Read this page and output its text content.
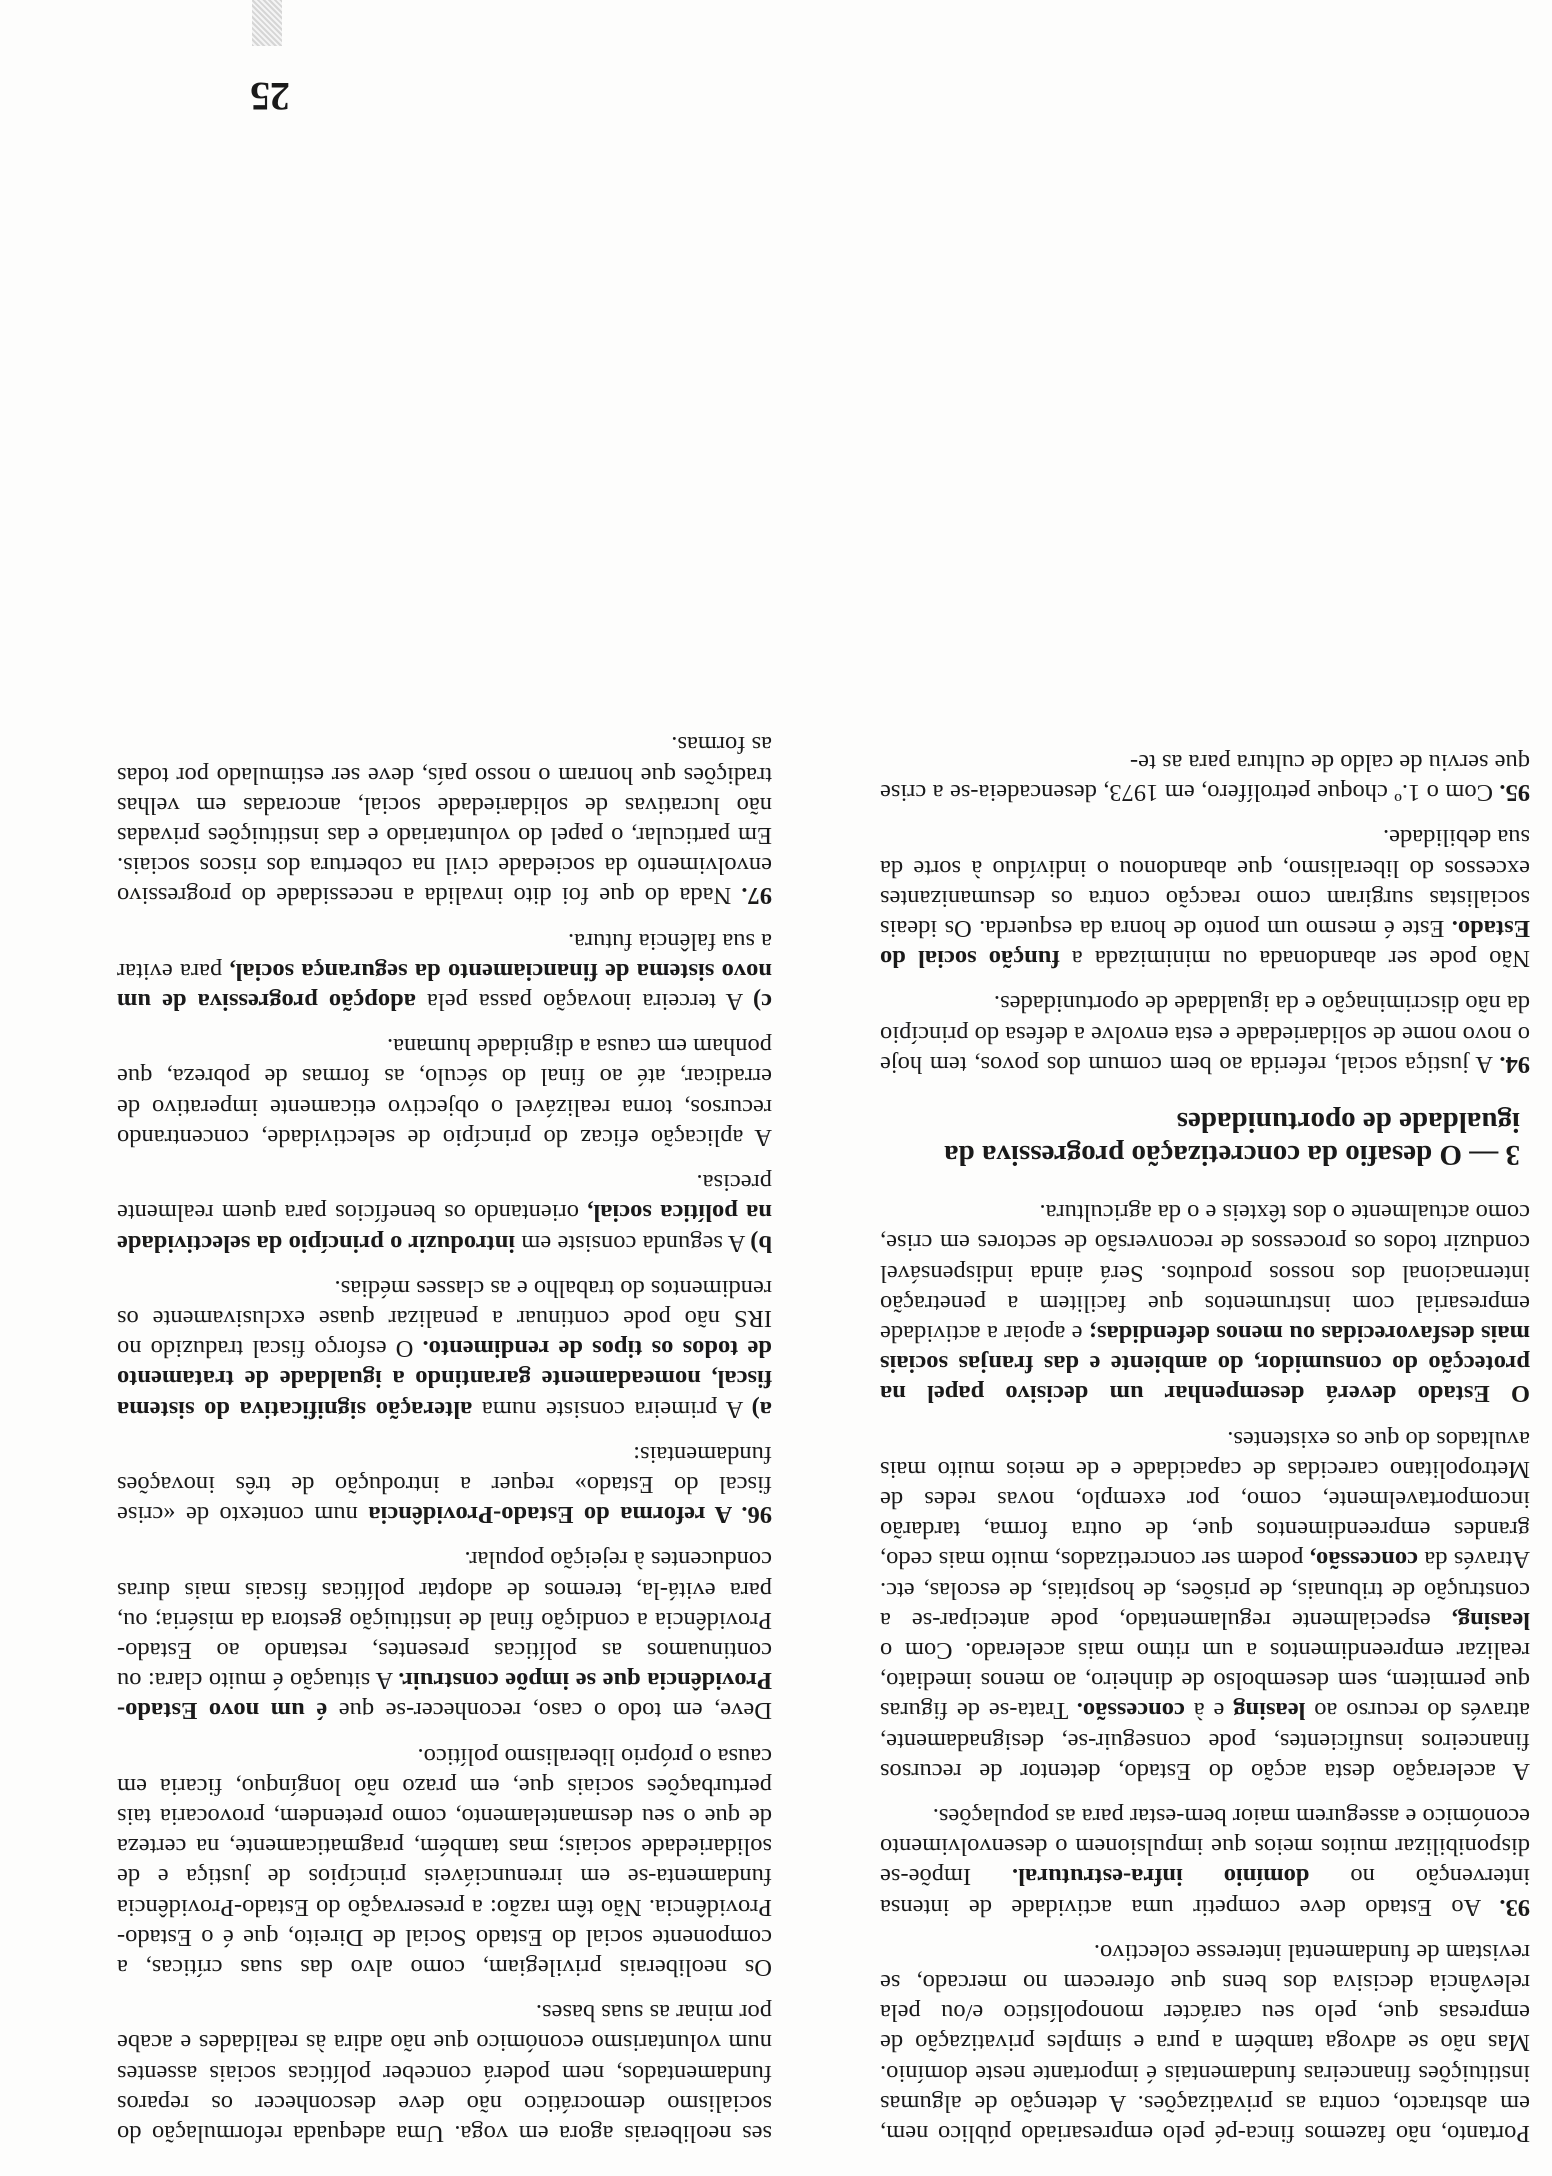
Portanto, não fazemos finca-pé pelo empresariado público nem, em abstracto, contra as privatizações. A detenção de algumas instituições financeiras fundamentais é importante neste domínio. Mas não se advoga também a pura e simples privatização de empresas que, pelo seu carácter monopolístico e/ou pela relevância decisiva dos bens que oferecem no mercado, se revistam de fundamental interesse colectivo.

93. Ao Estado deve competir uma actividade de intensa intervenção no domínio infra-estrutural. Impõe-se disponibilizar muitos meios que impulsionem o desenvolvimento económico e assegurem maior bem-estar para as populações.

A aceleração desta acção do Estado, detentor de recursos financeiros insuficientes, pode conseguir-se, designadamente, através do recurso ao leasing e à concessão. Trata-se de figuras que permitem, sem desembolso de dinheiro, ao menos imediato, realizar empreendimentos a um ritmo mais acelerado. Com o leasing, especialmente regulamentado, pode antecipar-se a construção de tribunais, de prisões, de hospitais, de escolas, etc. Através da concessão, podem ser concretizados, muito mais cedo, grandes empreendimentos que, de outra forma, tardarão incomportavelmente, como, por exemplo, novas redes de Metropolitano carecidas de capacidade e de meios muito mais avultados do que os existentes.

O Estado deverá desempenhar um decisivo papel na protecção do consumidor, do ambiente e das franjas sociais mais desfavorecidas ou menos defendidas; e apoiar a actividade empresarial com instrumentos que facilitem a penetração internacional dos nossos produtos. Será ainda indispensável conduzir todos os processos de reconversão de sectores em crise, como actualmente o dos têxteis e o da agricultura.

3 — O desafio da concretização progressiva da igualdade de oportunidades

94. A justiça social, referida ao bem comum dos povos, tem hoje o novo nome de solidariedade e esta envolve a defesa do princípio da não discriminação e da igualdade de oportunidades.

Não pode ser abandonada ou minimizada a função social do Estado. Este é mesmo um ponto de honra da esquerda. Os ideais socialistas surgiram como reacção contra os desumanizantes excessos do liberalismo, que abandonou o indivíduo à sorte da sua debilidade.

95. Com o 1.º choque petrolífero, em 1973, desencadeia-se a crise que serviu de caldo de cultura para as te-

ses neoliberais agora em voga. Uma adequada reformulação do socialismo democrático não deve desconhecer os reparos fundamentados, nem poderá conceber políticas sociais assentes num voluntarismo económico que não adira às realidades e acabe por minar as suas bases.

Os neoliberais privilegiam, como alvo das suas críticas, a componente social do Estado Social de Direito, que é o Estado-Providência. Não têm razão: a preservação do Estado-Providência fundamenta-se em irrenunciáveis princípios de justiça e de solidariedade sociais; mas também, pragmaticamente, na certeza de que o seu desmantelamento, como pretendem, provocaria tais perturbações sociais que, em prazo não longínquo, ficaria em causa o próprio liberalismo político.

Deve, em todo o caso, reconhecer-se que é um novo Estado-Providência que se impõe construir. A situação é muito clara: ou continuamos as políticas presentes, restando ao Estado-Providência a condição final de instituição gestora da miséria; ou, para evitá-la, teremos de adoptar políticas fiscais mais duras conducentes à rejeição popular.

96. A reforma do Estado-Providência num contexto de «crise fiscal do Estado» requer a introdução de três inovações fundamentais:

a) A primeira consiste numa alteração significativa do sistema fiscal, nomeadamente garantindo a igualdade de tratamento de todos os tipos de rendimento. O esforço fiscal traduzido no IRS não pode continuar a penalizar quase exclusivamente os rendimentos do trabalho e as classes médias.

b) A segunda consiste em introduzir o princípio da selectividade na política social, orientando os benefícios para quem realmente precisa.

A aplicação eficaz do princípio de selectividade, concentrando recursos, torna realizável o objectivo eticamente imperativo de erradicar, até ao final do século, as formas de pobreza, que ponham em causa a dignidade humana.

c) A terceira inovação passa pela adopção progressiva de um novo sistema de financiamento da segurança social, para evitar a sua falência futura.

97. Nada do que foi dito invalida a necessidade do progressivo envolvimento da sociedade civil na cobertura dos riscos sociais. Em particular, o papel do voluntariado e das instituições privadas não lucrativas de solidariedade social, ancoradas em velhas tradições que honram o nosso país, deve ser estimulado por todas as formas.

25
